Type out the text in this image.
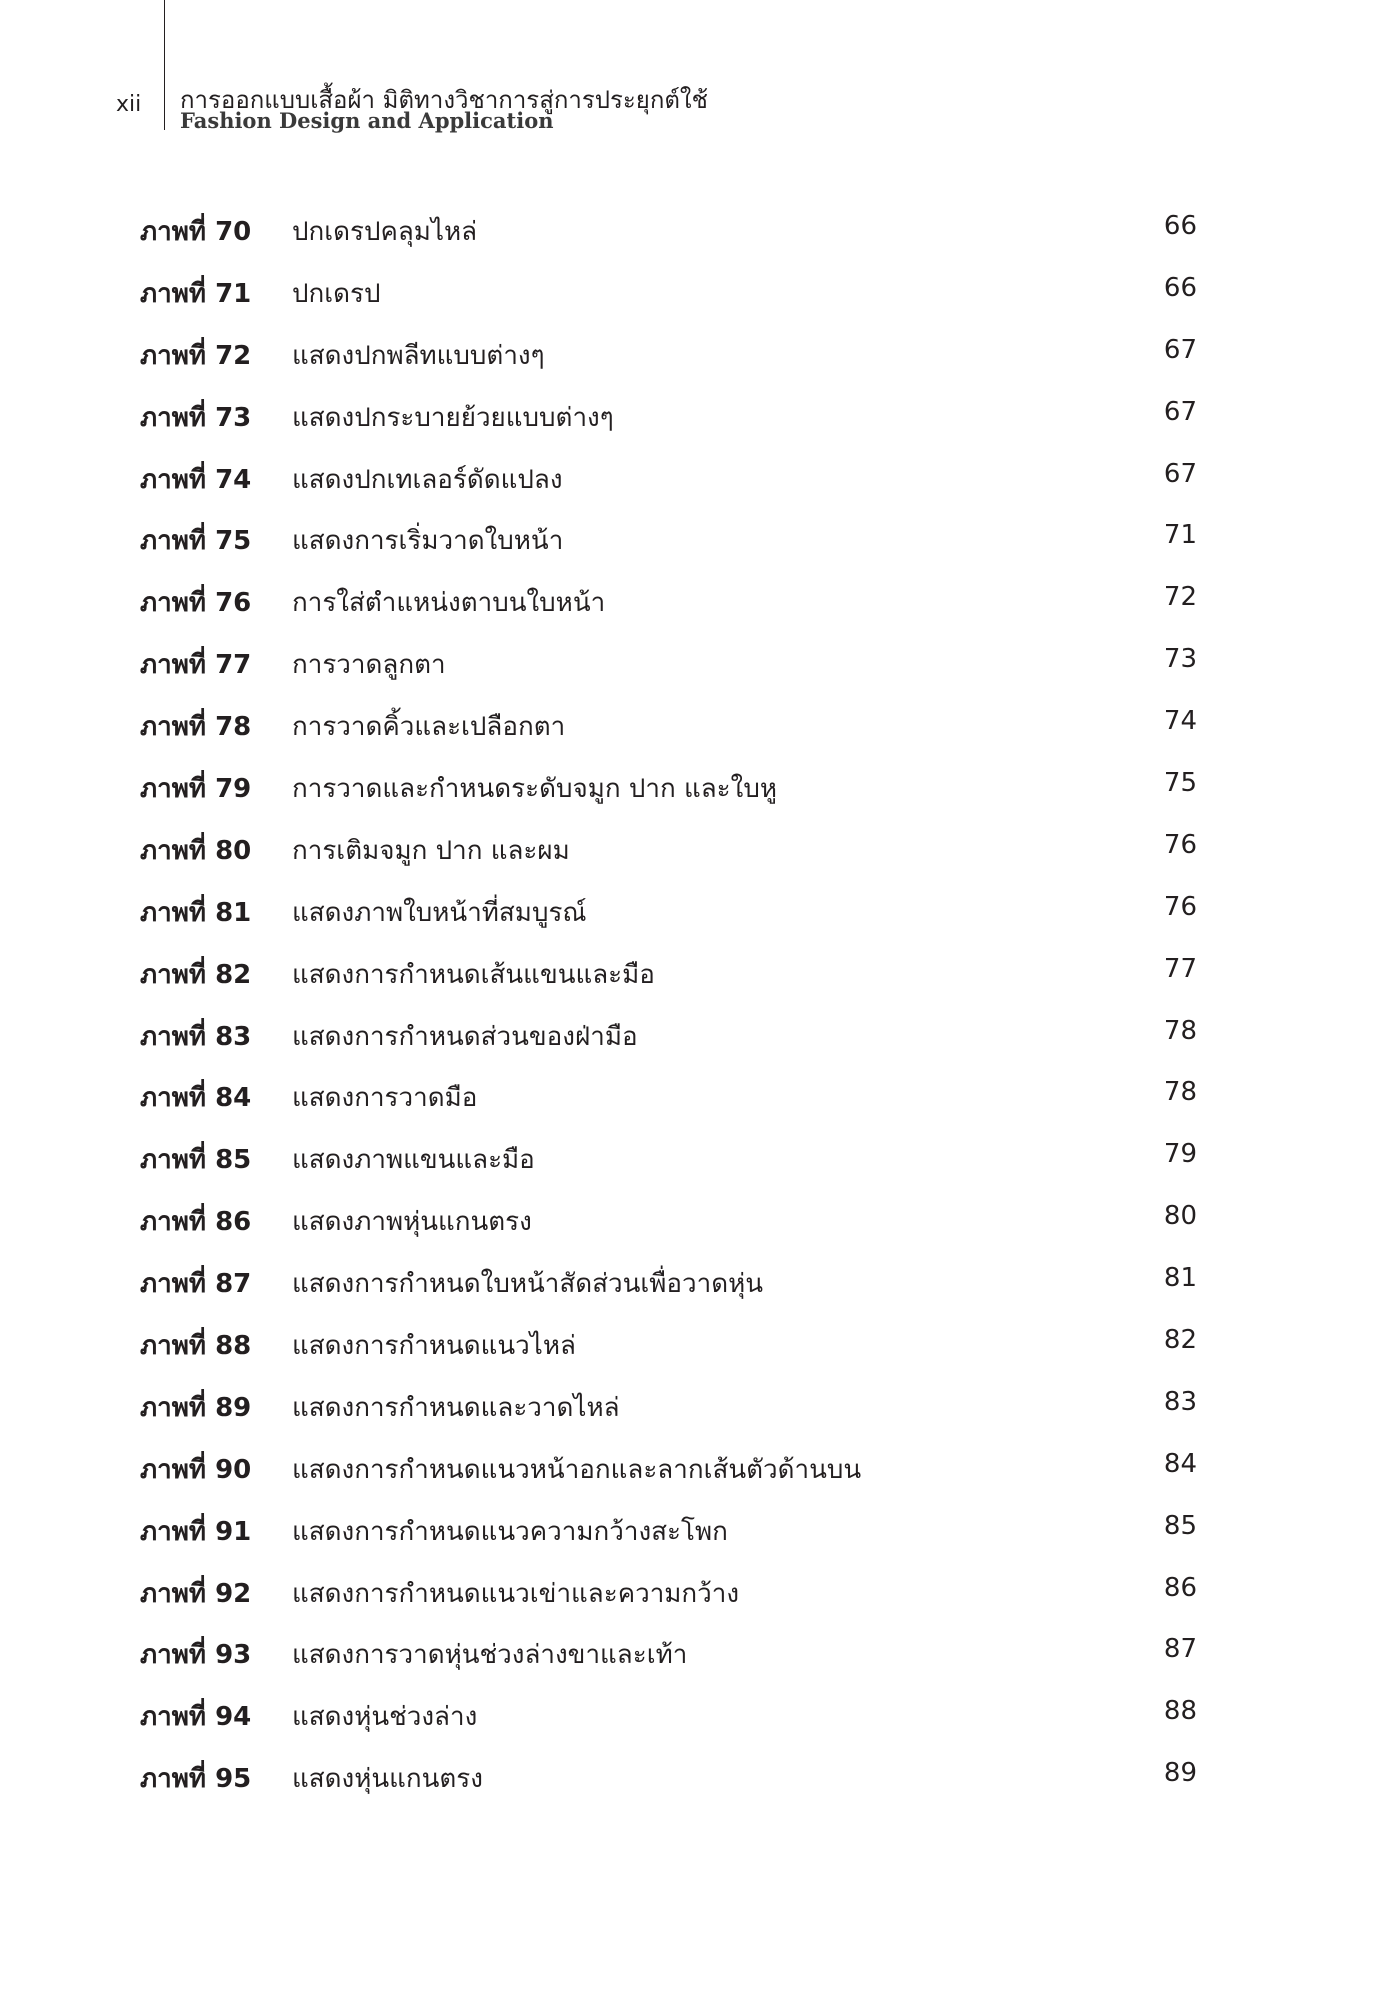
xii การออกแบบเสื้อผ้า มิติทางวิชาการสู่การประยุกต์ใช้
Fashion Design and Application
ภาพที่ 70 ปกเดรปคลุมไหล่	66
ภาพที่ 71 ปกเดรป	66
ภาพที่ 72 แสดงปกพลีทแบบต่างๆ	67
ภาพที่ 73 แสดงปกระบายย้วยแบบต่างๆ	67
ภาพที่ 74 แสดงปกเทเลอร์ดัดแปลง	67
ภาพที่ 75 แสดงการเริ่มวาดใบหน้า	71
ภาพที่ 76 การใส่ตำแหน่งตาบนใบหน้า	72
ภาพที่ 77 การวาดลูกตา	73
ภาพที่ 78 การวาดคิ้วและเปลือกตา	74
ภาพที่ 79 การวาดและกำหนดระดับจมูก ปาก และใบหู	75
ภาพที่ 80 การเติมจมูก ปาก และผม	76
ภาพที่ 81 แสดงภาพใบหน้าที่สมบูรณ์	76
ภาพที่ 82 แสดงการกำหนดเส้นแขนและมือ	77
ภาพที่ 83 แสดงการกำหนดส่วนของฝ่ามือ	78
ภาพที่ 84 แสดงการวาดมือ	78
ภาพที่ 85 แสดงภาพแขนและมือ	79
ภาพที่ 86 แสดงภาพหุ่นแกนตรง	80
ภาพที่ 87 แสดงการกำหนดใบหน้าสัดส่วนเพื่อวาดหุ่น	81
ภาพที่ 88 แสดงการกำหนดแนวไหล่	82
ภาพที่ 89 แสดงการกำหนดและวาดไหล่	83
ภาพที่ 90 แสดงการกำหนดแนวหน้าอกและลากเส้นตัวด้านบน	84
ภาพที่ 91 แสดงการกำหนดแนวความกว้างสะโพก	85
ภาพที่ 92 แสดงการกำหนดแนวเข่าและความกว้าง	86
ภาพที่ 93 แสดงการวาดหุ่นช่วงล่างขาและเท้า	87
ภาพที่ 94 แสดงหุ่นช่วงล่าง	88
ภาพที่ 95 แสดงหุ่นแกนตรง	89
